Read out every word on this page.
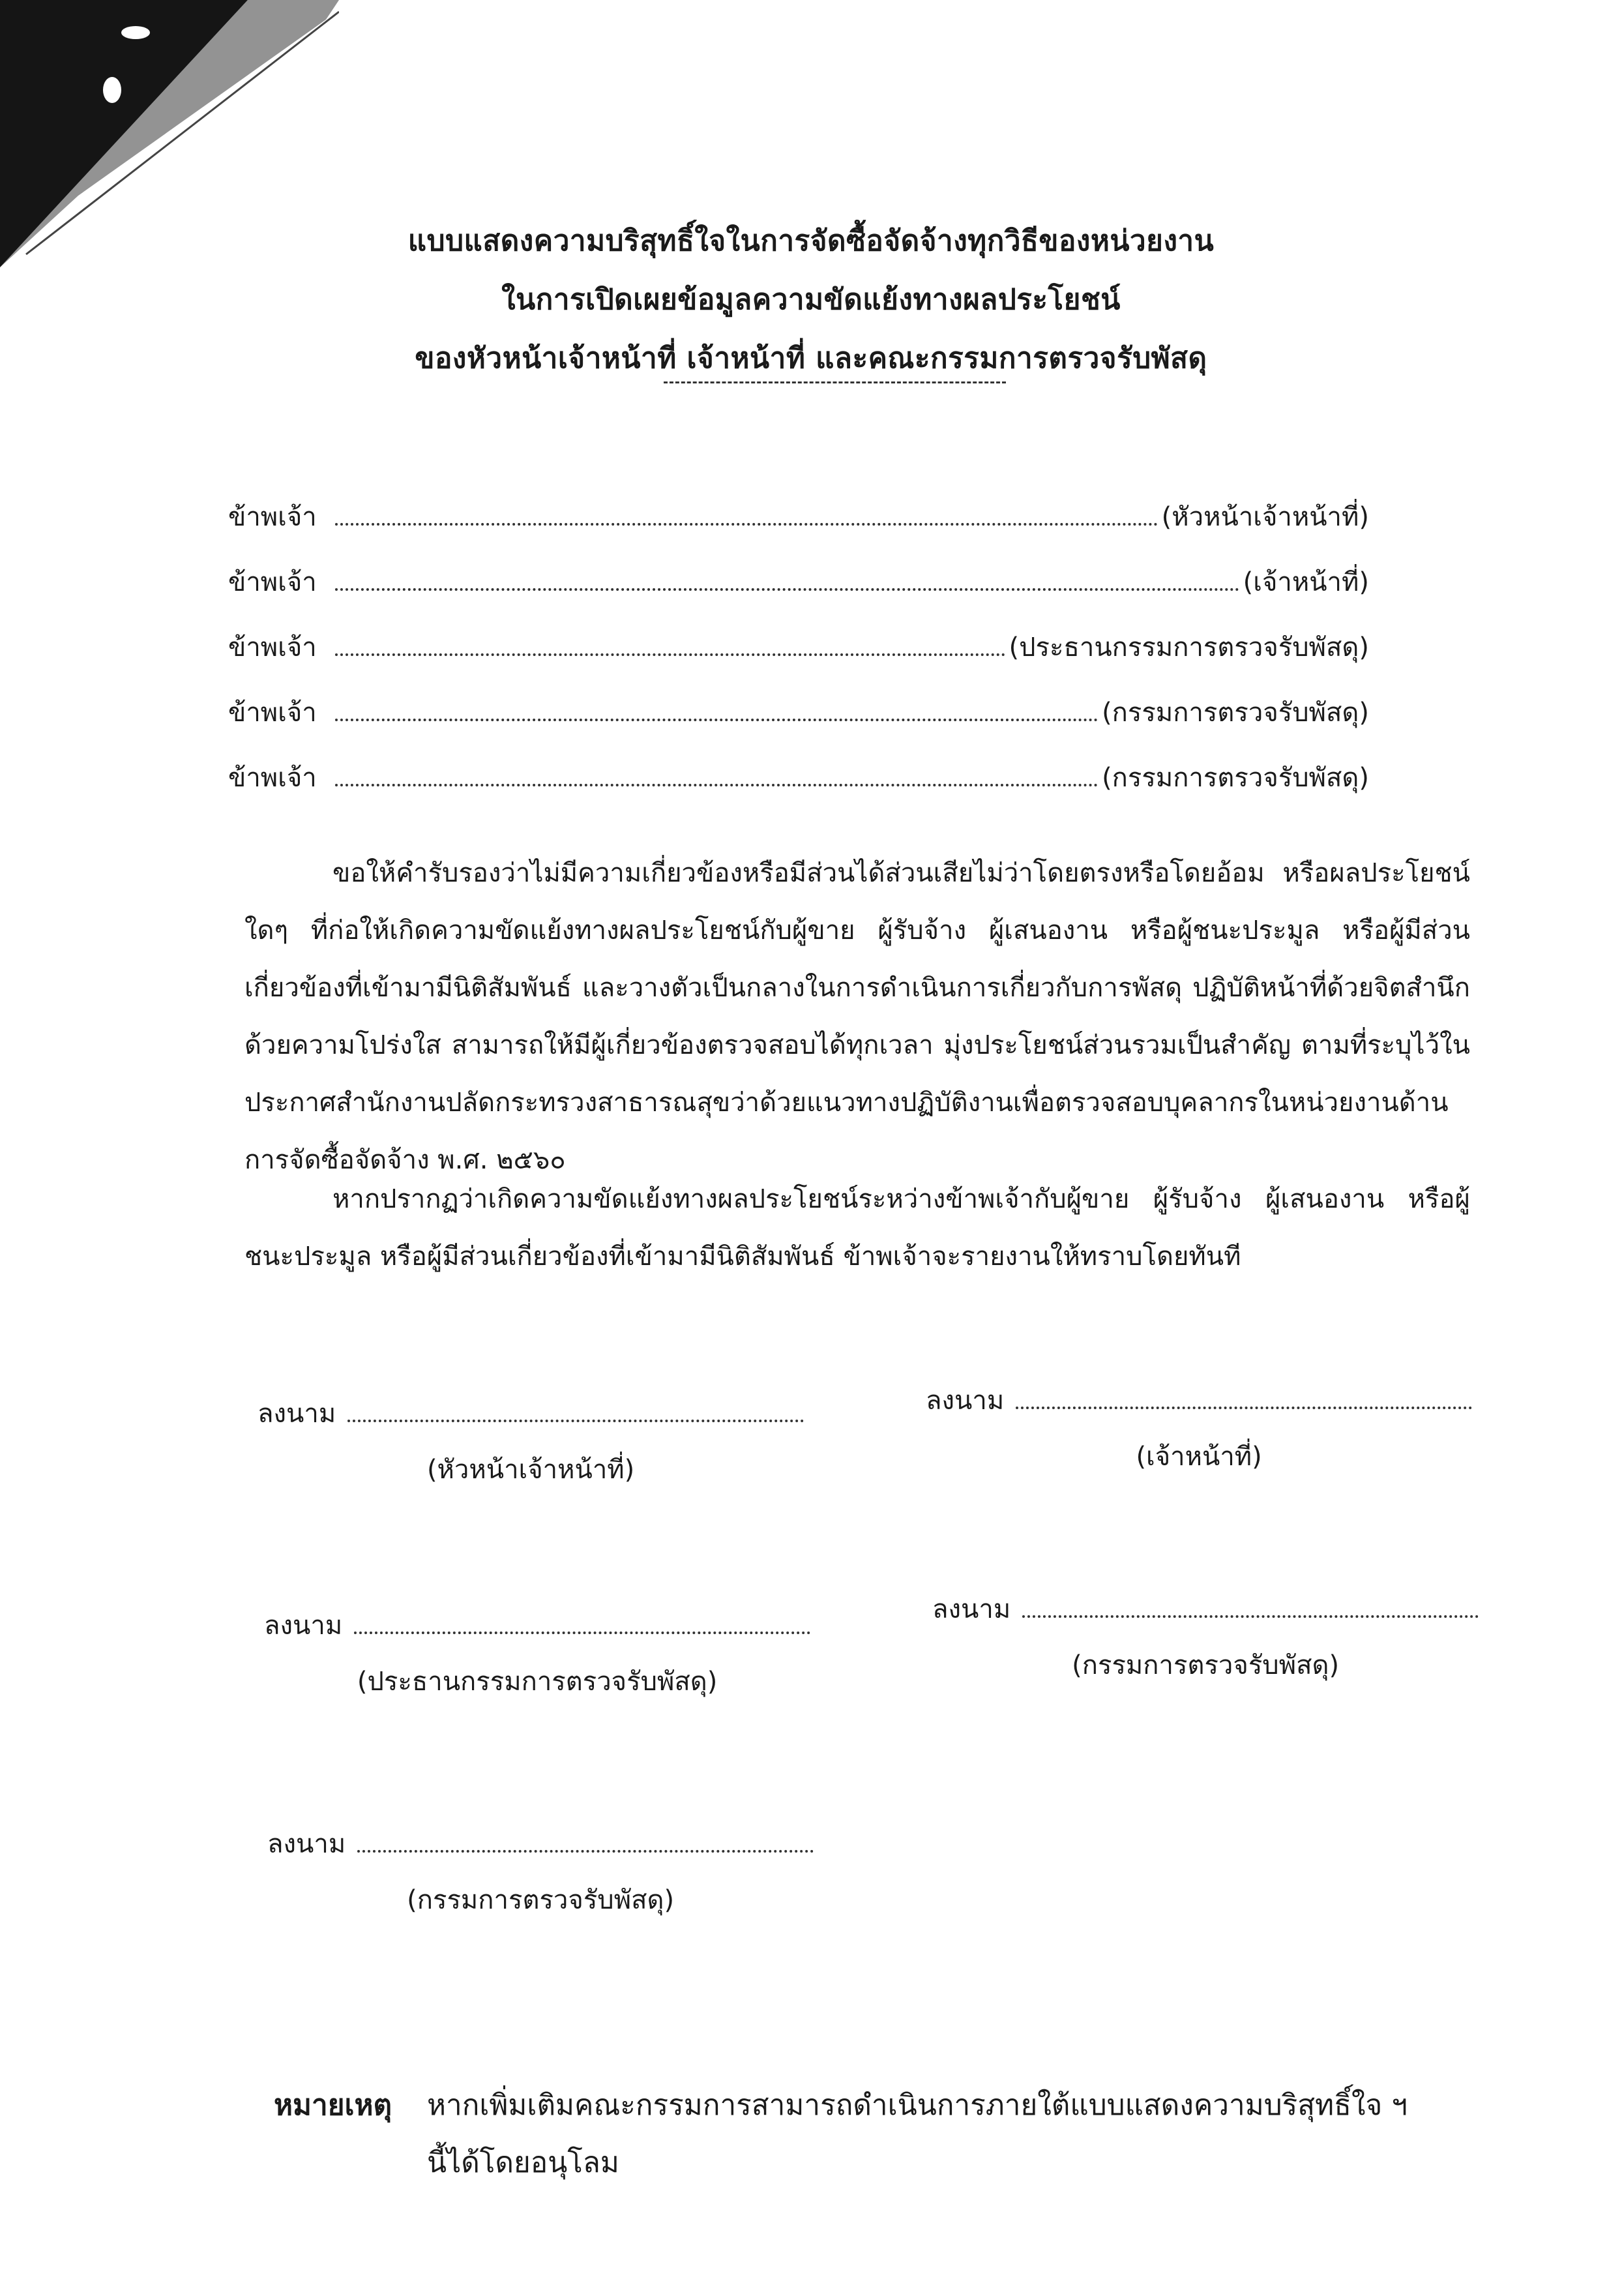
แบบแสดงความบริสุทธิ์ใจในการจัดซื้อจัดจ้างทุกวิธีของหน่วยงาน
ในการเปิดเผยข้อมูลความขัดแย้งทางผลประโยชน์
ของหัวหน้าเจ้าหน้าที่ เจ้าหน้าที่ และคณะกรรมการตรวจรับพัสดุ
ข้าพเจ้า	(หัวหน้าเจ้าหน้าที่)
ข้าพเจ้า	(เจ้าหน้าที่)
ข้าพเจ้า	(ประธานกรรมการตรวจรับพัสดุ)
ข้าพเจ้า	(กรรมการตรวจรับพัสดุ)
ข้าพเจ้า	(กรรมการตรวจรับพัสดุ)
ขอให้คำรับรองว่าไม่มีความเกี่ยวข้องหรือมีส่วนได้ส่วนเสียไม่ว่าโดยตรงหรือโดยอ้อม หรือผลประโยชน์ใดๆ ที่ก่อให้เกิดความขัดแย้งทางผลประโยชน์กับผู้ขาย ผู้รับจ้าง ผู้เสนองาน หรือผู้ชนะประมูล หรือผู้มีส่วนเกี่ยวข้องที่เข้ามามีนิติสัมพันธ์ และวางตัวเป็นกลางในการดำเนินการเกี่ยวกับการพัสดุ ปฏิบัติหน้าที่ด้วยจิตสำนึก ด้วยความโปร่งใส สามารถให้มีผู้เกี่ยวข้องตรวจสอบได้ทุกเวลา มุ่งประโยชน์ส่วนรวมเป็นสำคัญ ตามที่ระบุไว้ในประกาศสำนักงานปลัดกระทรวงสาธารณสุขว่าด้วยแนวทางปฏิบัติงานเพื่อตรวจสอบบุคลากรในหน่วยงานด้านการจัดซื้อจัดจ้าง พ.ศ. ๒๕๖๐
หากปรากฏว่าเกิดความขัดแย้งทางผลประโยชน์ระหว่างข้าพเจ้ากับผู้ขาย ผู้รับจ้าง ผู้เสนองาน หรือผู้ชนะประมูล หรือผู้มีส่วนเกี่ยวข้องที่เข้ามามีนิติสัมพันธ์ ข้าพเจ้าจะรายงานให้ทราบโดยทันที
ลงนาม
(หัวหน้าเจ้าหน้าที่)
ลงนาม
(เจ้าหน้าที่)
ลงนาม
(ประธานกรรมการตรวจรับพัสดุ)
ลงนาม
(กรรมการตรวจรับพัสดุ)
ลงนาม
(กรรมการตรวจรับพัสดุ)
หมายเหตุ หากเพิ่มเติมคณะกรรมการสามารถดำเนินการภายใต้แบบแสดงความบริสุทธิ์ใจ ฯ
นี้ได้โดยอนุโลม
